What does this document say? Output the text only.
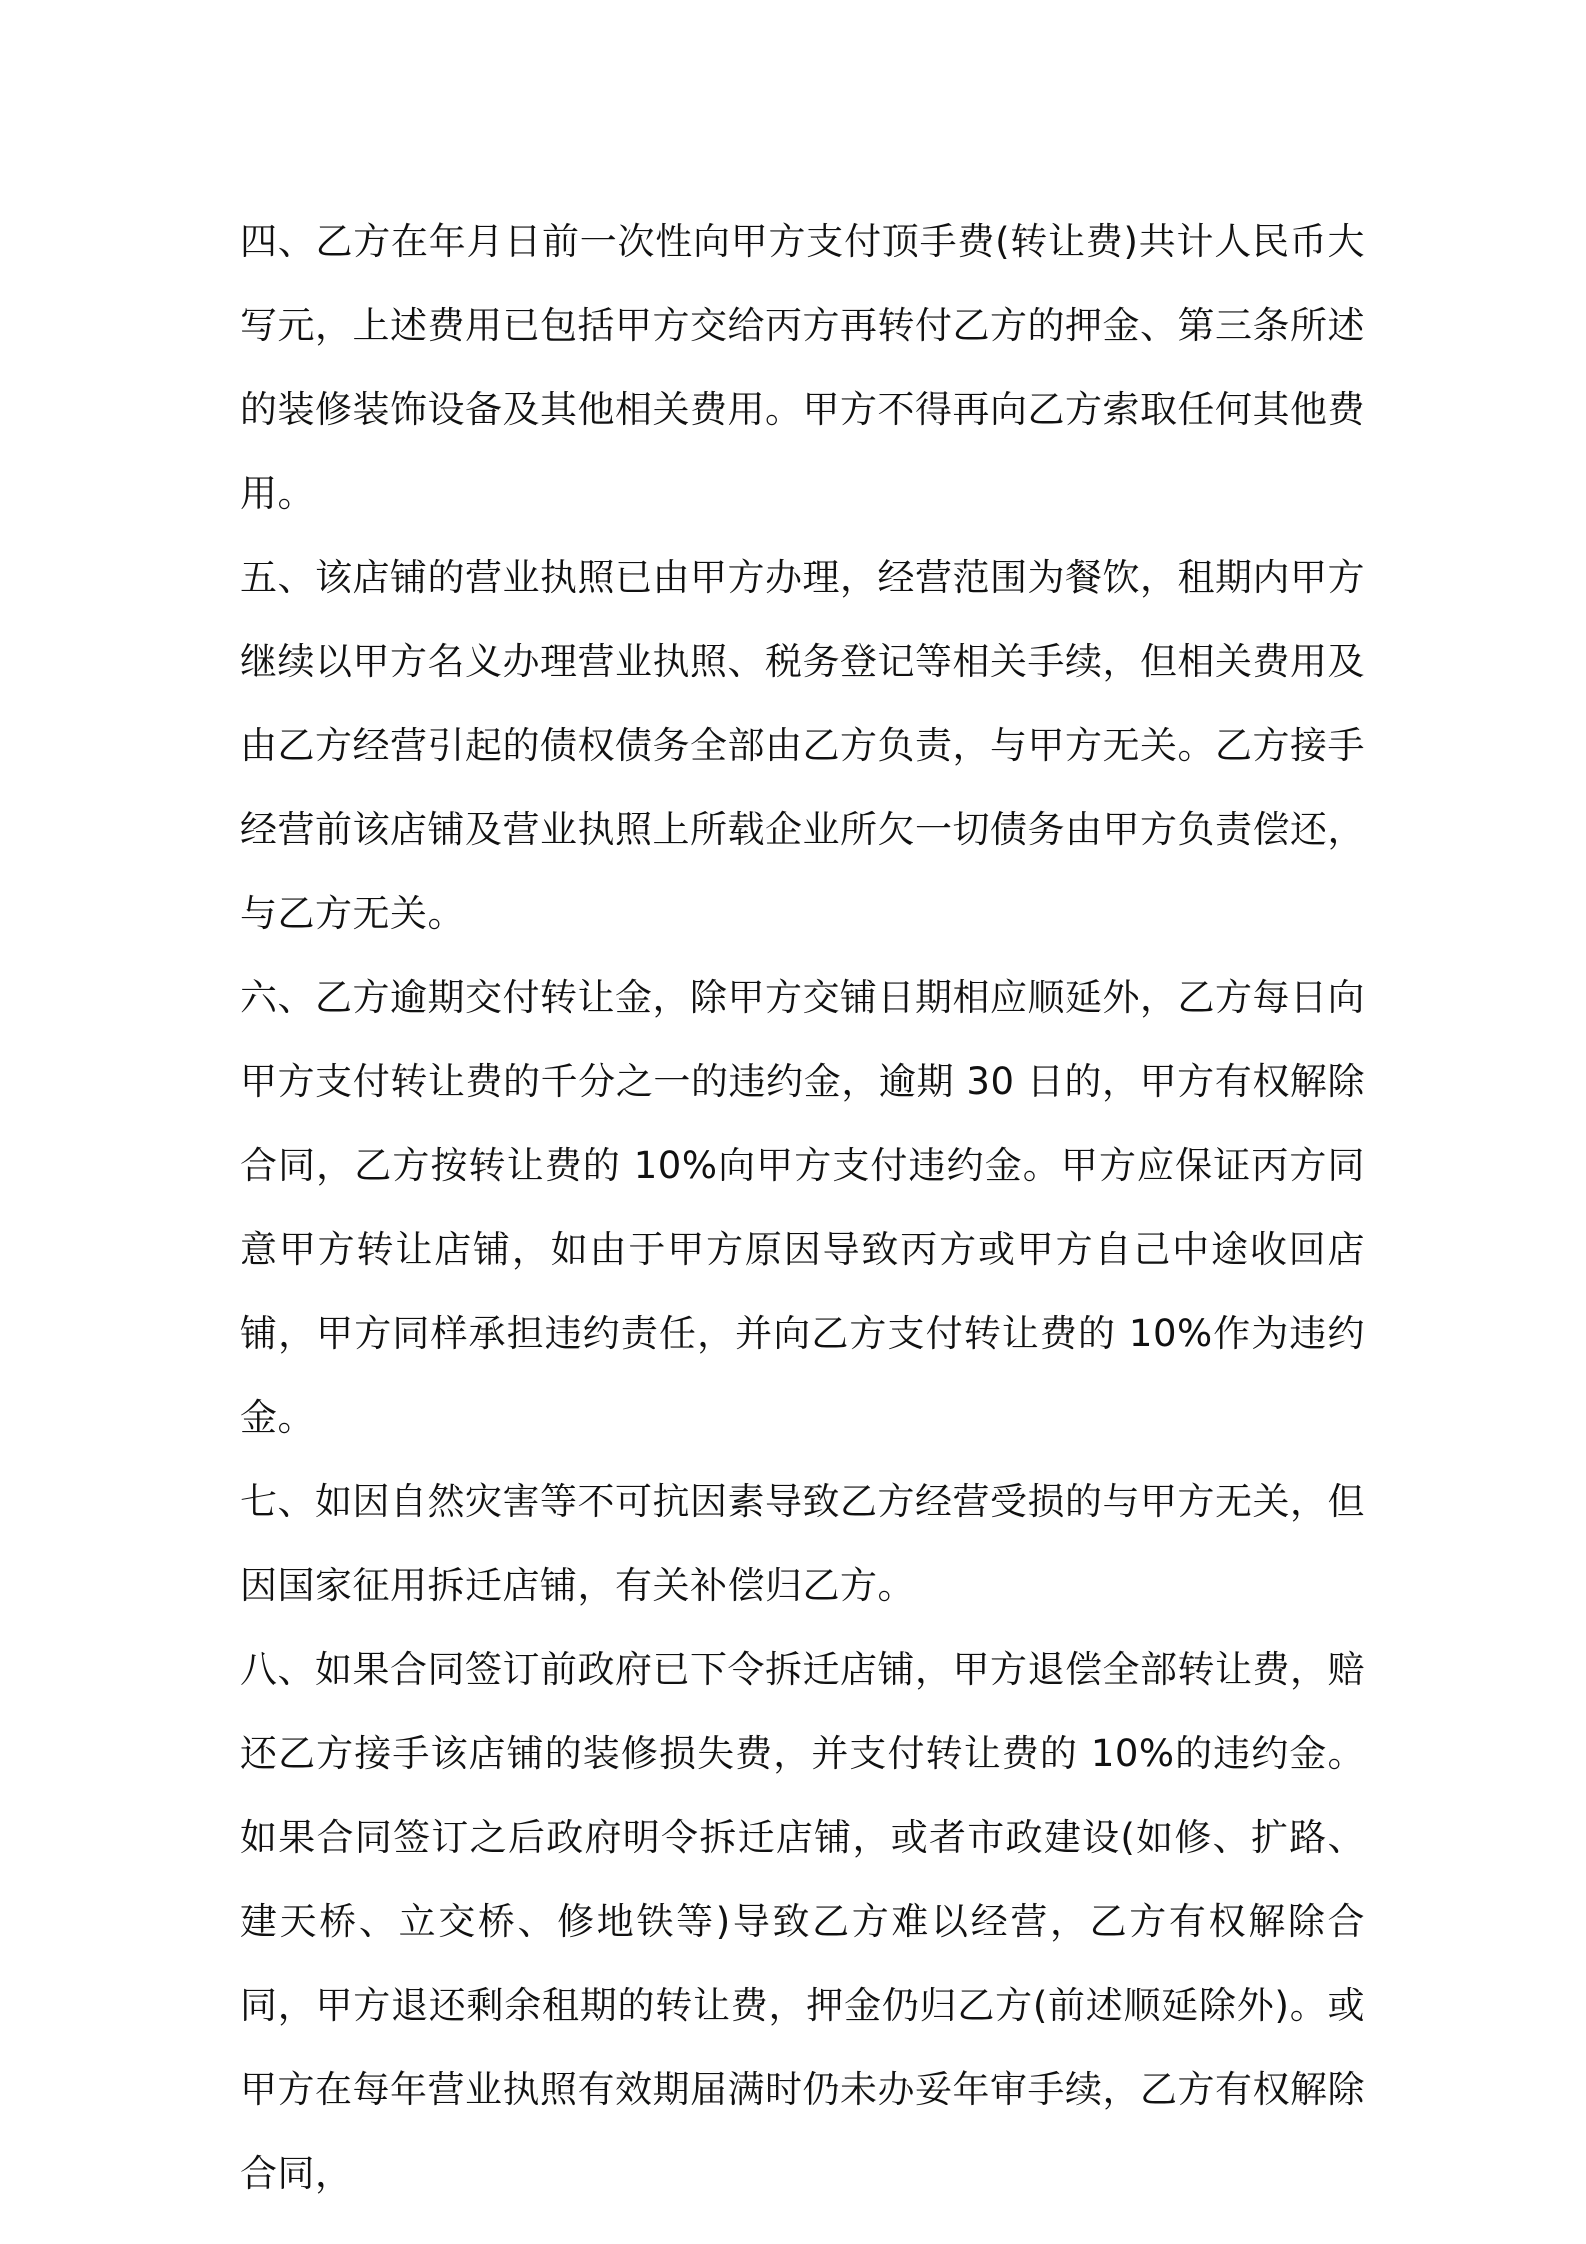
四、乙方在年月日前一次性向甲方支付顶手费(转让费)共计人民币大写元，上述费用已包括甲方交给丙方再转付乙方的押金、第三条所述的装修装饰设备及其他相关费用。甲方不得再向乙方索取任何其他费用。

五、该店铺的营业执照已由甲方办理，经营范围为餐饮，租期内甲方继续以甲方名义办理营业执照、税务登记等相关手续，但相关费用及由乙方经营引起的债权债务全部由乙方负责，与甲方无关。乙方接手经营前该店铺及营业执照上所载企业所欠一切债务由甲方负责偿还，与乙方无关。

六、乙方逾期交付转让金，除甲方交铺日期相应顺延外，乙方每日向甲方支付转让费的千分之一的违约金，逾期 30 日的，甲方有权解除合同，乙方按转让费的 10%向甲方支付违约金。甲方应保证丙方同意甲方转让店铺，如由于甲方原因导致丙方或甲方自己中途收回店铺，甲方同样承担违约责任，并向乙方支付转让费的 10%作为违约金。

七、如因自然灾害等不可抗因素导致乙方经营受损的与甲方无关，但因国家征用拆迁店铺，有关补偿归乙方。

八、如果合同签订前政府已下令拆迁店铺，甲方退偿全部转让费，赔还乙方接手该店铺的装修损失费，并支付转让费的 10%的违约金。如果合同签订之后政府明令拆迁店铺，或者市政建设(如修、扩路、建天桥、立交桥、修地铁等)导致乙方难以经营，乙方有权解除合同，甲方退还剩余租期的转让费，押金仍归乙方(前述顺延除外)。或甲方在每年营业执照有效期届满时仍未办妥年审手续，乙方有权解除合同，
